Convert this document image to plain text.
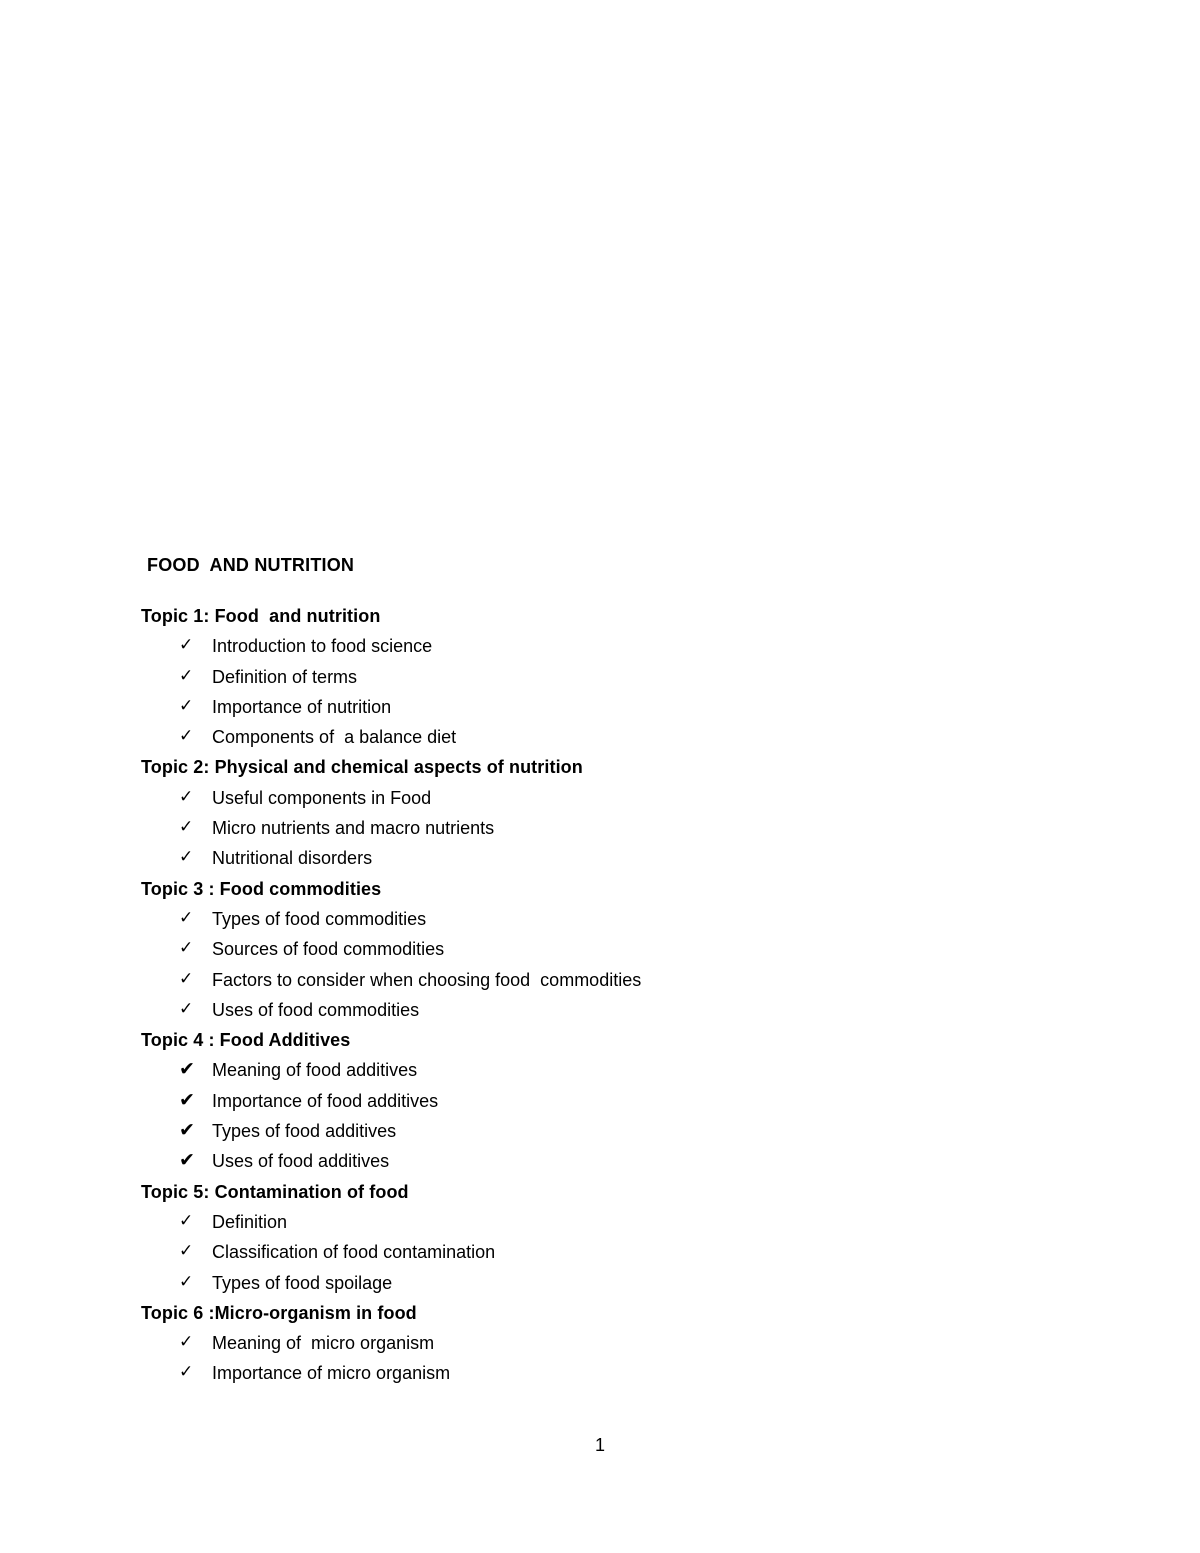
FOOD  AND NUTRITION
Topic 1: Food  and nutrition
✓ Introduction to food science
✓ Definition of terms
✓ Importance of nutrition
✓ Components of  a balance diet
Topic 2: Physical and chemical aspects of nutrition
✓ Useful components in Food
✓ Micro nutrients and macro nutrients
✓ Nutritional disorders
Topic 3 : Food commodities
✓ Types of food commodities
✓ Sources of food commodities
✓ Factors to consider when choosing food  commodities
✓ Uses of food commodities
Topic 4 : Food Additives
✔ Meaning of food additives
✔ Importance of food additives
✔ Types of food additives
✔ Uses of food additives
Topic 5: Contamination of food
✓ Definition
✓ Classification of food contamination
✓ Types of food spoilage
Topic 6 :Micro-organism in food
✓ Meaning of  micro organism
✓ Importance of micro organism
1
